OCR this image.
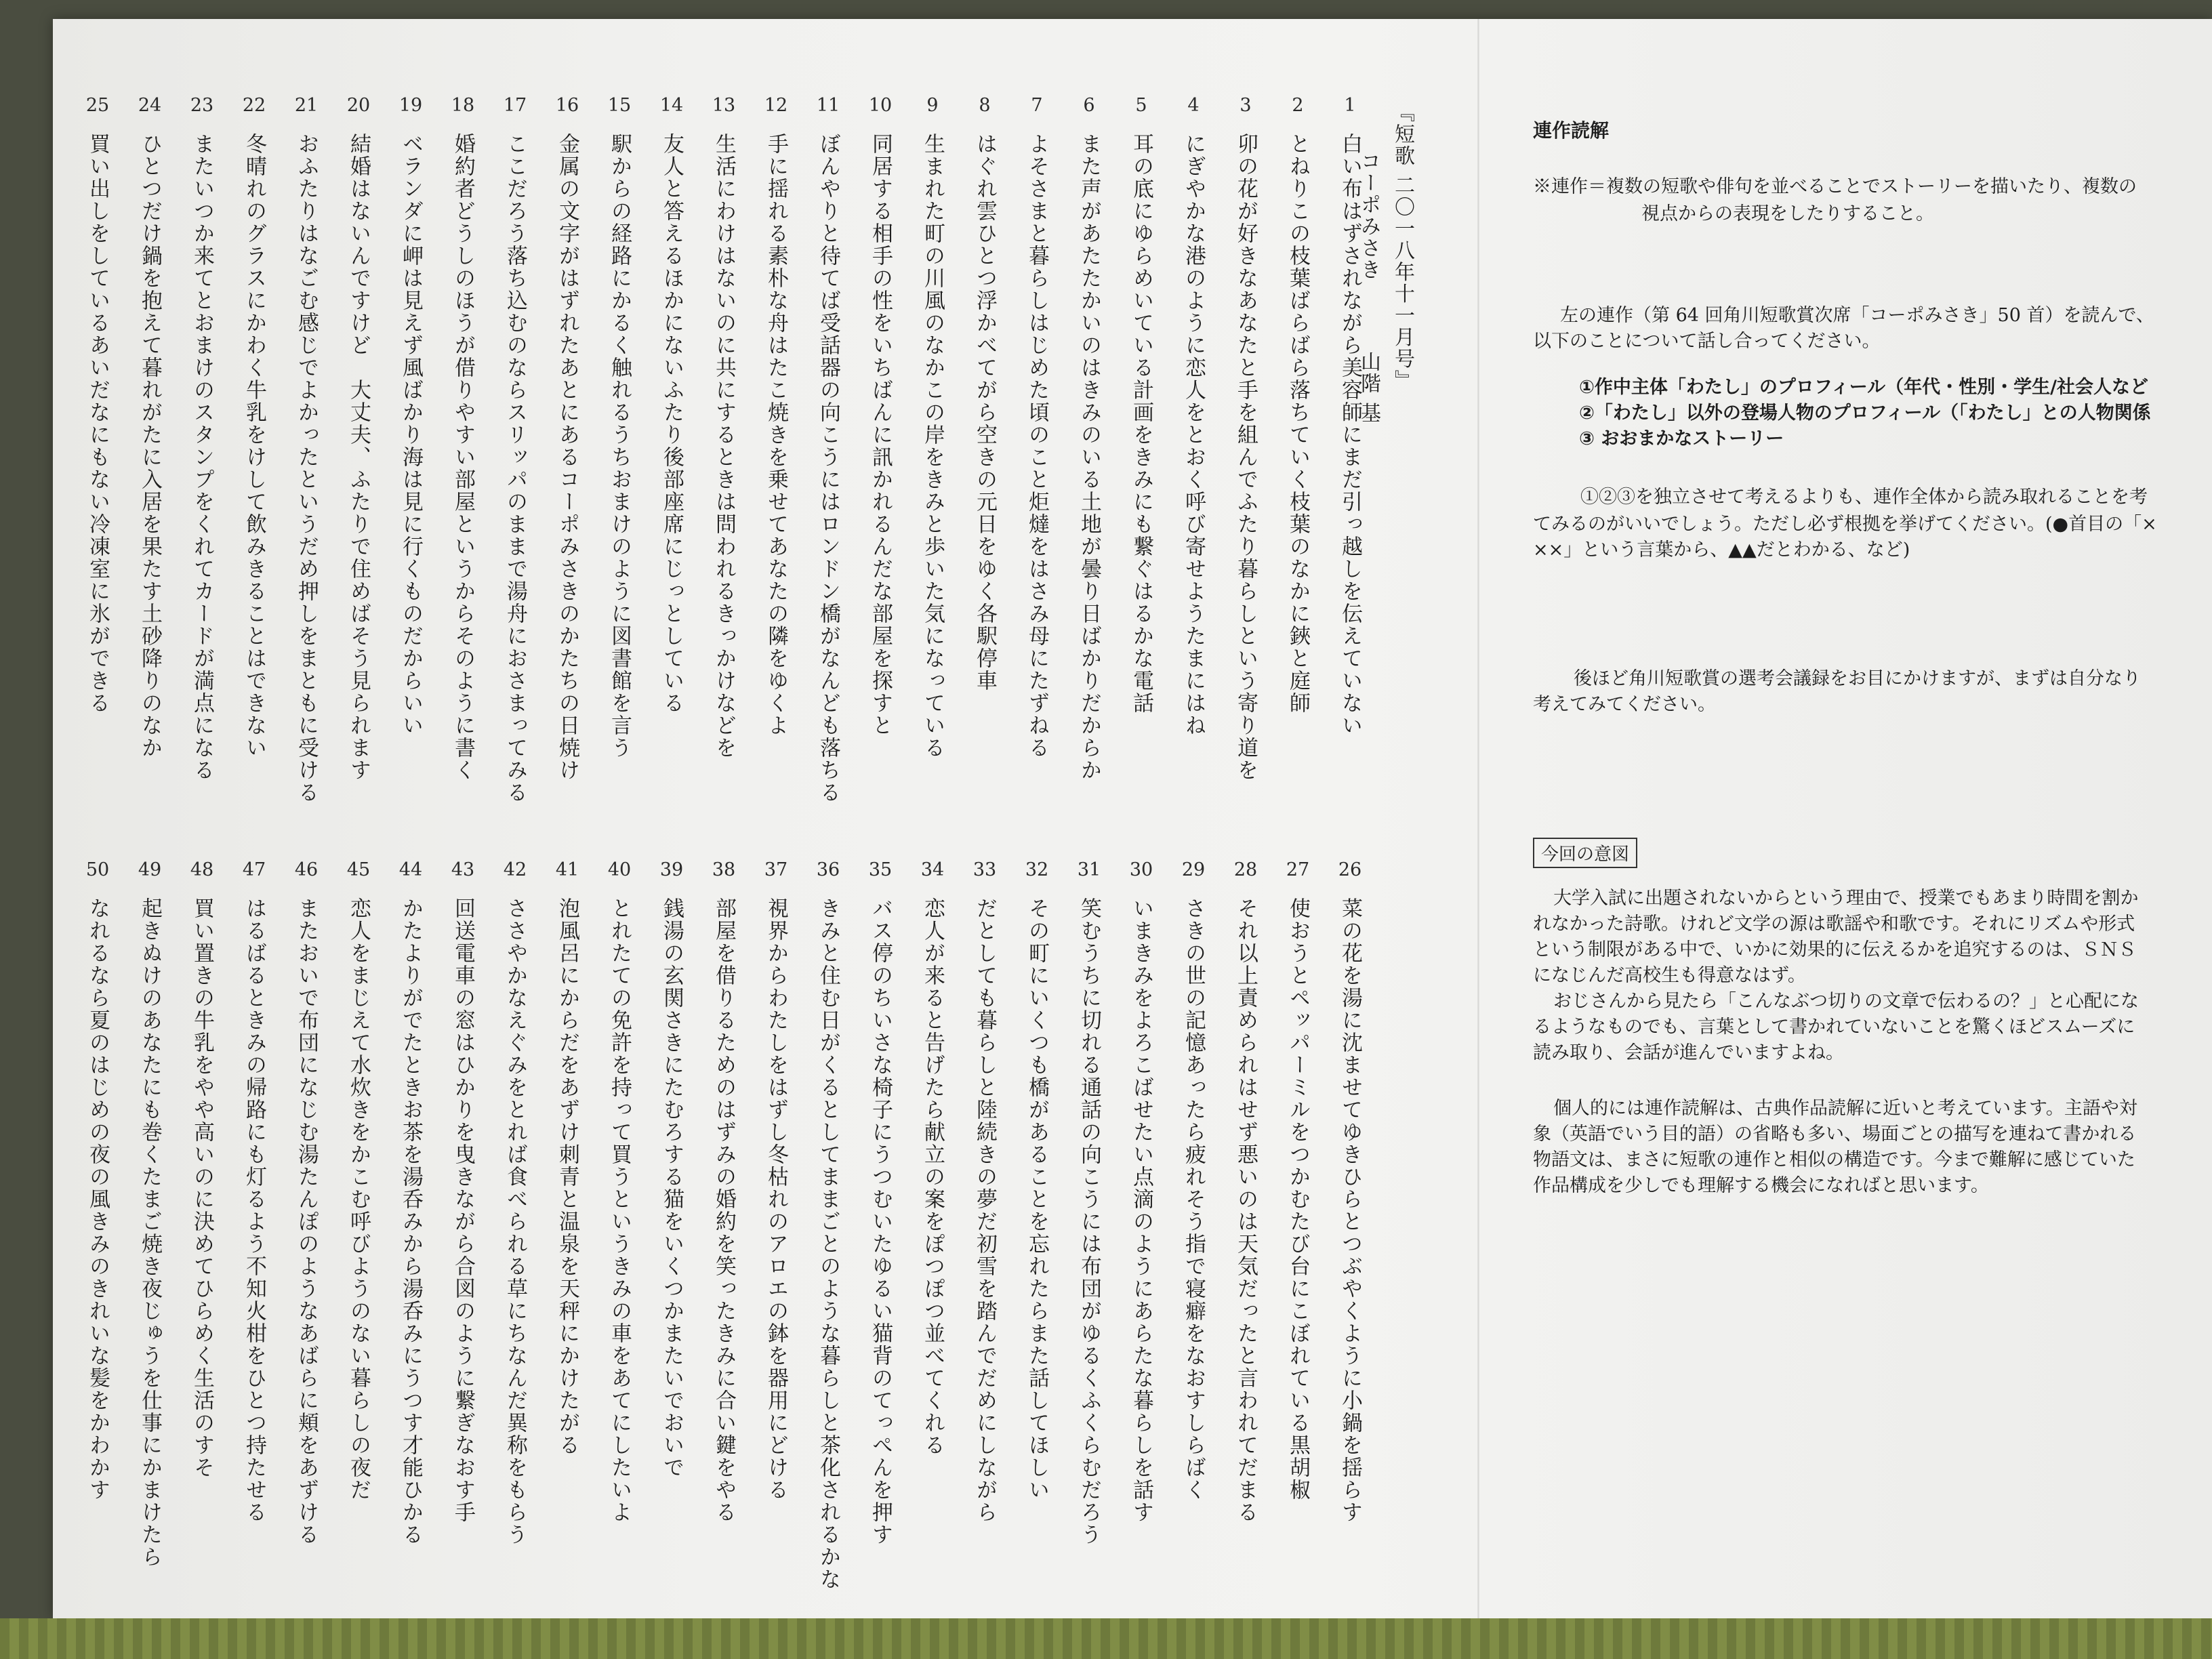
『短歌 二〇一八年十一月号』
コーポみさき
山階 基
1
白い布はずされながら美容師にまだ引っ越しを伝えていない
2
とねりこの枝葉ばらばら落ちていく枝葉のなかに鋏と庭師
3
卯の花が好きなあなたと手を組んでふたり暮らしという寄り道を
4
にぎやかな港のように恋人をとおく呼び寄せようたまにはね
5
耳の底にゆらめいている計画をきみにも繋ぐはるかな電話
6
また声があたたかいのはきみのいる土地が曇り日ばかりだからか
7
よそさまと暮らしはじめた頃のこと炬燵をはさみ母にたずねる
8
はぐれ雲ひとつ浮かべてがら空きの元日をゆく各駅停車
9
生まれた町の川風のなかこの岸をきみと歩いた気になっている
10
同居する相手の性をいちばんに訊かれるんだな部屋を探すと
11
ぼんやりと待てば受話器の向こうにはロンドン橋がなんども落ちる
12
手に揺れる素朴な舟はたこ焼きを乗せてあなたの隣をゆくよ
13
生活にわけはないのに共にするときは問われるきっかけなどを
14
友人と答えるほかにないふたり後部座席にじっとしている
15
駅からの経路にかるく触れるうちおまけのように図書館を言う
16
金属の文字がはずれたあとにあるコーポみさきのかたちの日焼け
17
ここだろう落ち込むのならスリッパのままで湯舟におさまってみる
18
婚約者どうしのほうが借りやすい部屋というからそのように書く
19
ベランダに岬は見えず風ばかり海は見に行くものだからいい
20
結婚はないんですけど　大丈夫、ふたりで住めばそう見られます
21
おふたりはなごむ感じでよかったというだめ押しをまともに受ける
22
冬晴れのグラスにかわく牛乳をけして飲みきることはできない
23
またいつか来てとおまけのスタンプをくれてカードが満点になる
24
ひとつだけ鍋を抱えて暮れがたに入居を果たす土砂降りのなか
25
買い出しをしているあいだなにもない冷凍室に氷ができる
26
菜の花を湯に沈ませてゆきひらとつぶやくように小鍋を揺らす
27
使おうとペッパーミルをつかむたび台にこぼれている黒胡椒
28
それ以上責められはせず悪いのは天気だったと言われてだまる
29
さきの世の記憶あったら疲れそう指で寝癖をなおすしらばく
30
いまきみをよろこばせたい点滴のようにあらたな暮らしを話す
31
笑むうちに切れる通話の向こうには布団がゆるくふくらむだろう
32
その町にいくつも橋があることを忘れたらまた話してほしい
33
だとしても暮らしと陸続きの夢だ初雪を踏んでだめにしながら
34
恋人が来ると告げたら献立の案をぽつぽつ並べてくれる
35
バス停のちいさな椅子にうつむいたゆるい猫背のてっぺんを押す
36
きみと住む日がくるとしてままごとのような暮らしと茶化されるかな
37
視界からわたしをはずし冬枯れのアロエの鉢を器用にどける
38
部屋を借りるためのはずみの婚約を笑ったきみに合い鍵をやる
39
銭湯の玄関さきにたむろする猫をいくつかまたいでおいで
40
とれたての免許を持って買うというきみの車をあてにしたいよ
41
泡風呂にからだをあずけ刺青と温泉を天秤にかけたがる
42
ささやかなえぐみをとれば食べられる草にちなんだ異称をもらう
43
回送電車の窓はひかりを曳きながら合図のように繋ぎなおす手
44
かたよりがでたときお茶を湯呑みから湯呑みにうつす才能ひかる
45
恋人をまじえて水炊きをかこむ呼びようのない暮らしの夜だ
46
またおいで布団になじむ湯たんぽのようなあばらに頬をあずける
47
はるばるときみの帰路にも灯るよう不知火柑をひとつ持たせる
48
買い置きの牛乳をやや高いのに決めてひらめく生活のすそ
49
起きぬけのあなたにも巻くたまご焼き夜じゅうを仕事にかまけたら
50
なれるなら夏のはじめの夜の風きみのきれいな髪をかわかす
連作読解
※連作＝複数の短歌や俳句を並べることでストーリーを描いたり、複数の
視点からの表現をしたりすること。
左の連作（第 64 回角川短歌賞次席「コーポみさき」50 首）を読んで、
以下のことについて話し合ってください。
①作中主体「わたし」のプロフィール（年代・性別・学生/社会人など
②「わたし」以外の登場人物のプロフィール（「わたし」との人物関係
③ おおまかなストーリー
①②③を独立させて考えるよりも、連作全体から読み取れることを考
てみるのがいいでしょう。ただし必ず根拠を挙げてください。(●首目の「×
××」という言葉から、▲▲だとわかる、など)
後ほど角川短歌賞の選考会議録をお目にかけますが、まずは自分なり
考えてみてください。
今回の意図
大学入試に出題されないからという理由で、授業でもあまり時間を割か
れなかった詩歌。けれど文学の源は歌謡や和歌です。それにリズムや形式
という制限がある中で、いかに効果的に伝えるかを追究するのは、ＳＮＳ
になじんだ高校生も得意なはず。
おじさんから見たら「こんなぶつ切りの文章で伝わるの？」と心配にな
るようなものでも、言葉として書かれていないことを驚くほどスムーズに
読み取り、会話が進んでいますよね。
個人的には連作読解は、古典作品読解に近いと考えています。主語や対
象（英語でいう目的語）の省略も多い、場面ごとの描写を連ねて書かれる
物語文は、まさに短歌の連作と相似の構造です。今まで難解に感じていた
作品構成を少しでも理解する機会になればと思います。
